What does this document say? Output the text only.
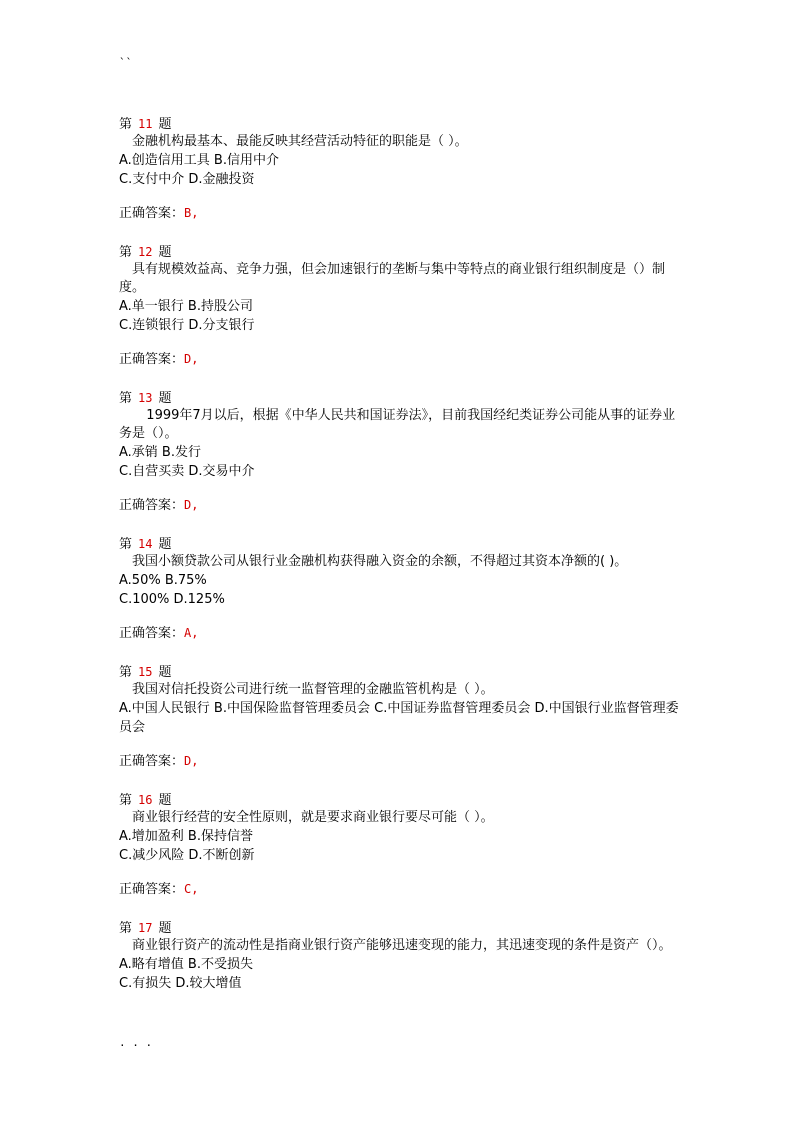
``
第 11 题

金融机构最基本、最能反映其经营活动特征的职能是（ ）。

A.创造信用工具 B.信用中介

C.支付中介 D.金融投资

正确答案：B,
第 12 题

具有规模效益高、竞争力强，但会加速银行的垄断与集中等特点的商业银行组织制度是（）制度。

A.单一银行 B.持股公司

C.连锁银行 D.分支银行

正确答案：D,
第 13 题

1999年7月以后，根据《中华人民共和国证券法》，目前我国经纪类证券公司能从事的证券业务是（）。

A.承销 B.发行

C.自营买卖 D.交易中介

正确答案：D,
第 14 题

我国小额贷款公司从银行业金融机构获得融入资金的余额，不得超过其资本净额的( )。

A.50% B.75%

C.100% D.125%

正确答案：A,
第 15 题

我国对信托投资公司进行统一监督管理的金融监管机构是（ ）。

A.中国人民银行 B.中国保险监督管理委员会 C.中国证券监督管理委员会 D.中国银行业监督管理委员会

正确答案：D,
第 16 题

商业银行经营的安全性原则，就是要求商业银行要尽可能（ ）。

A.增加盈利 B.保持信誉

C.减少风险 D.不断创新

正确答案：C,
第 17 题

商业银行资产的流动性是指商业银行资产能够迅速变现的能力，其迅速变现的条件是资产（）。

A.略有增值 B.不受损失

C.有损失 D.较大增值

. . .
